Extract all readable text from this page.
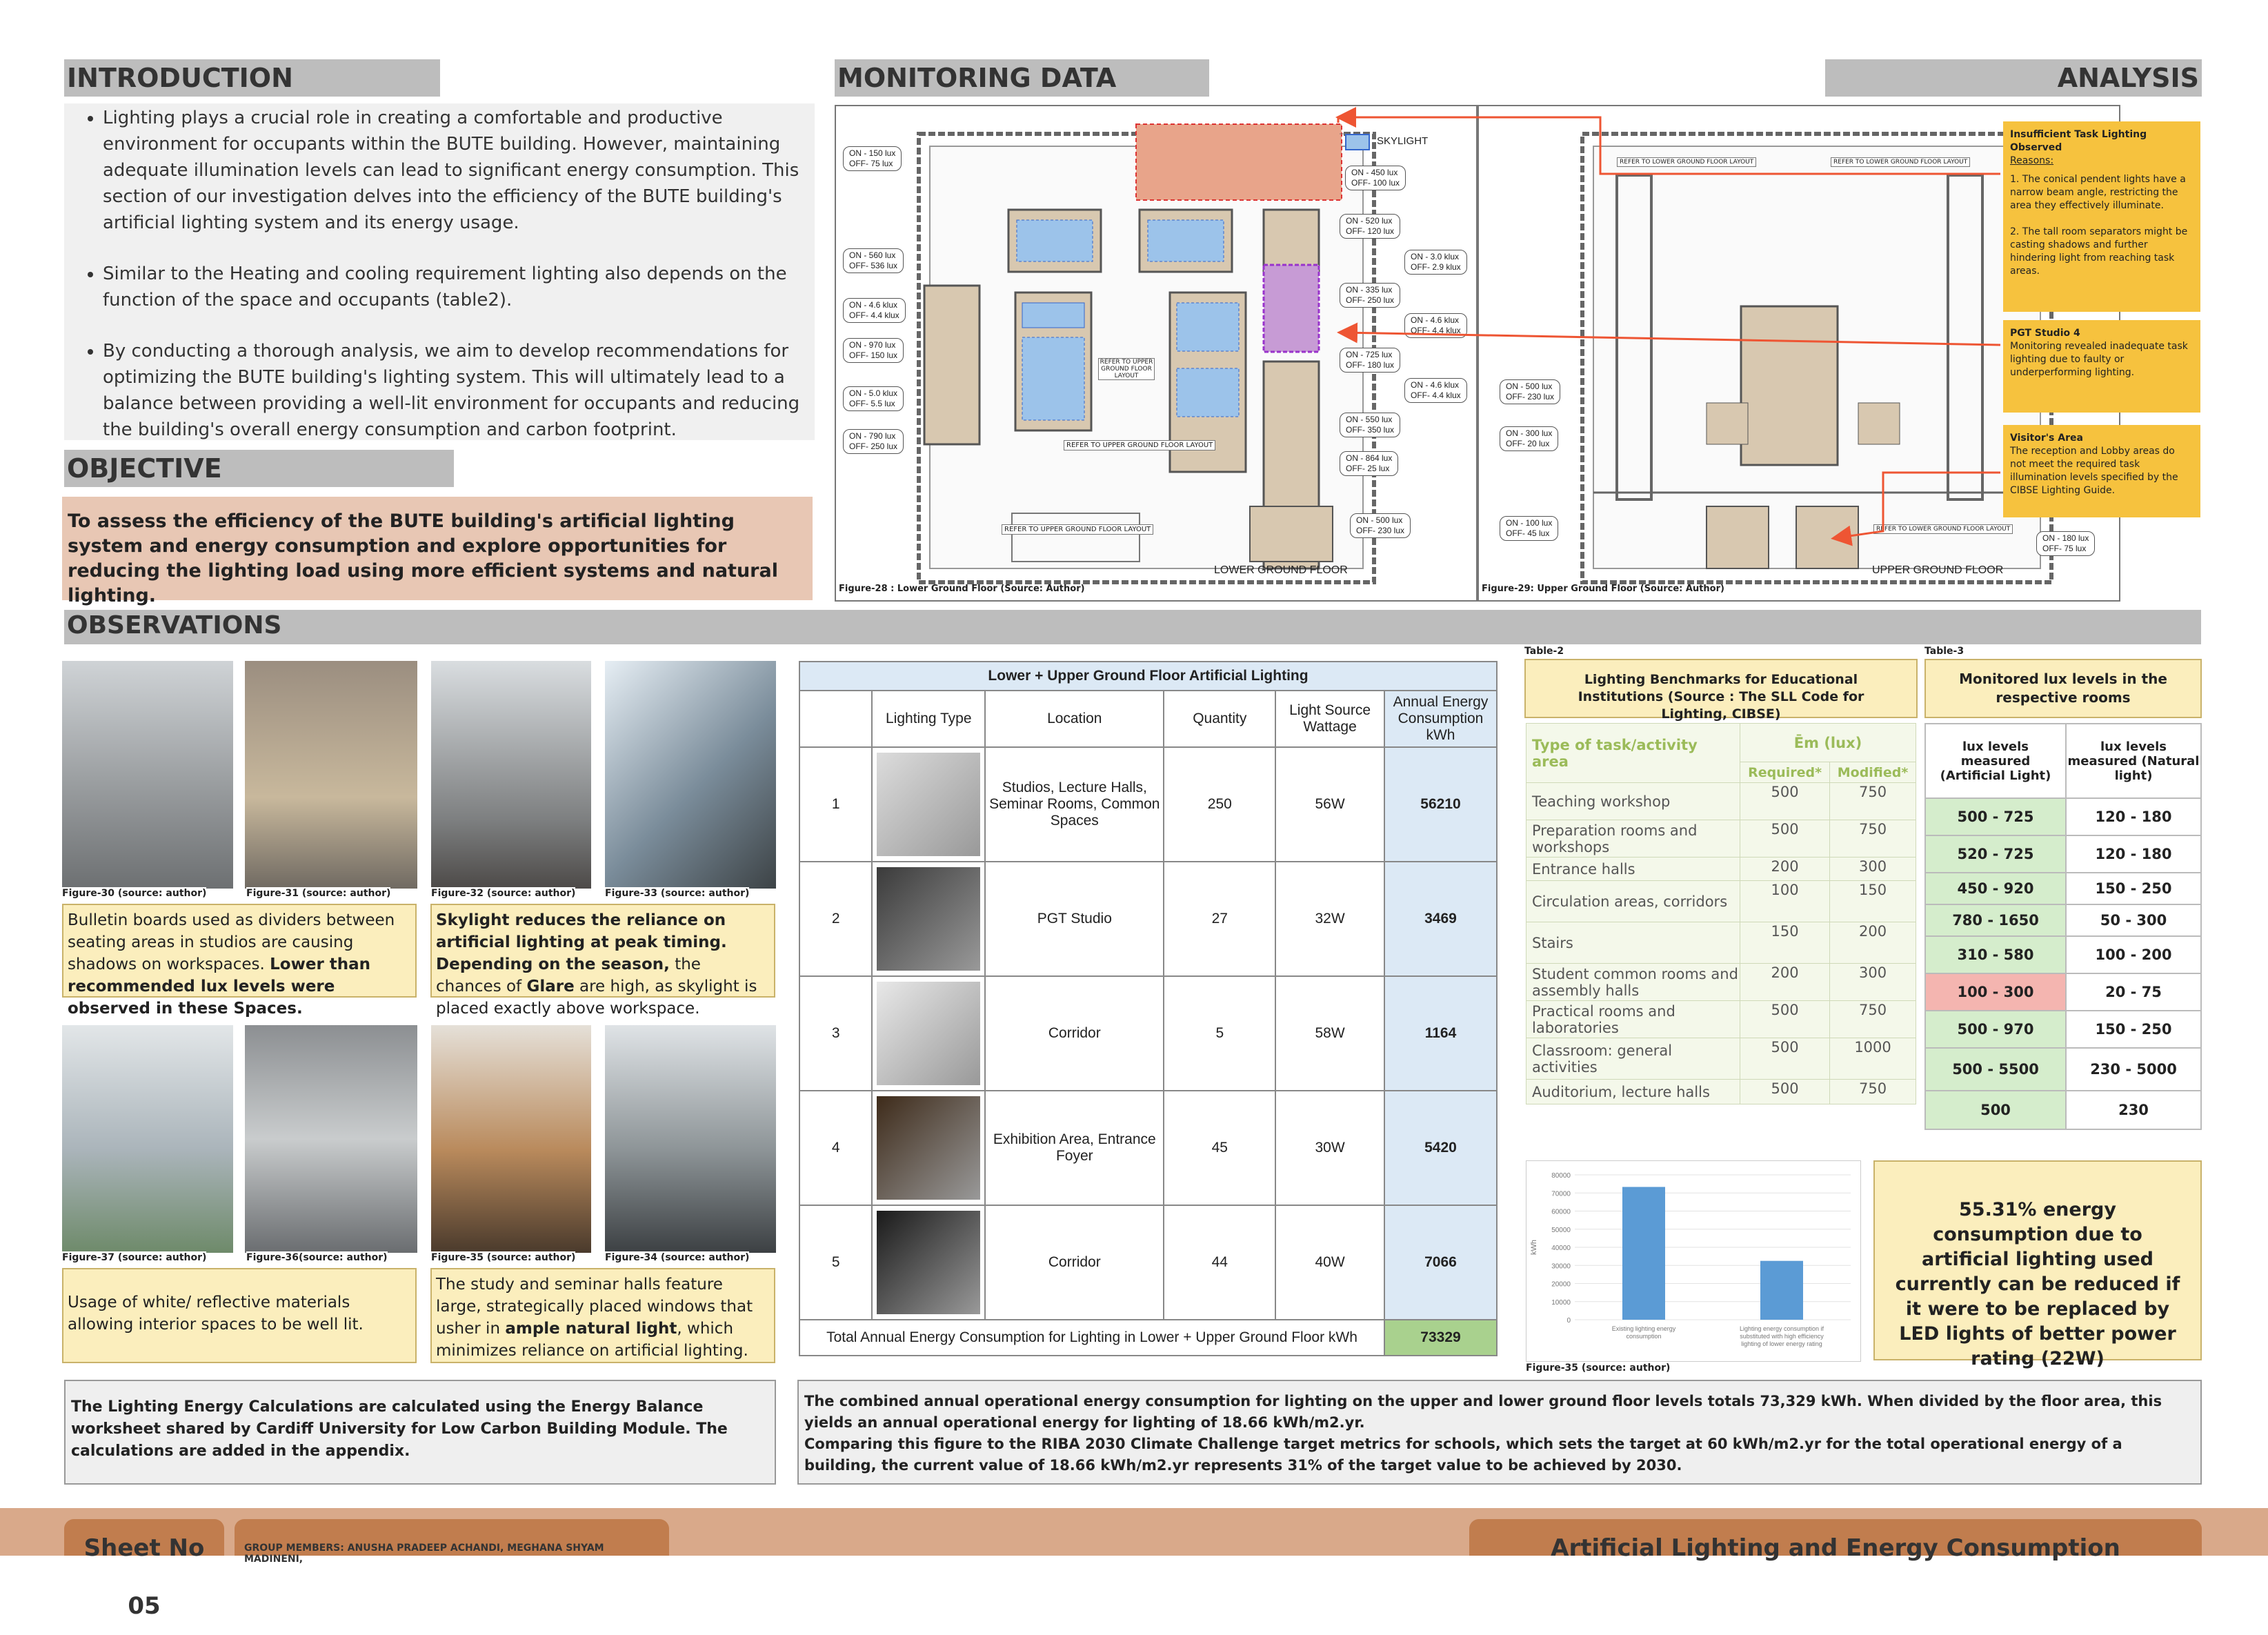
INTRODUCTION
• Lighting plays a crucial role in creating a comfortable and productive environment for occupants within the BUTE building. However, maintaining adequate illumination levels can lead to significant energy consumption. This section of our investigation delves into the efficiency of the BUTE building's artificial lighting system and its energy usage.
• Similar to the Heating and cooling requirement lighting also depends on the function of the space and occupants (table2).
• By conducting a thorough analysis, we aim to develop recommendations for optimizing the BUTE building's lighting system. This will ultimately lead to a balance between providing a well-lit environment for occupants and reducing the building's overall energy consumption and carbon footprint.
OBJECTIVE
To assess the efficiency of the BUTE building's artificial lighting system and energy consumption and explore opportunities for reducing the lighting load using more efficient systems and natural lighting.
MONITORING DATA	ANALYSIS
SKYLIGHT
REFER TO UPPER GROUND FLOOR LAYOUT
REFER TO UPPER GROUND FLOOR LAYOUT
REFER TO UPPER GROUND FLOOR LAYOUT
LOWER GROUND FLOOR
Figure-28 : Lower Ground Floor (Source: Author)
ON - 150 lux
OFF- 75 lux
ON - 560 lux
OFF- 536 lux
ON - 4.6 klux
OFF- 4.4 klux
ON - 970 lux
OFF- 150 lux
ON - 5.0 klux
OFF- 5.5 lux
ON - 790 lux
OFF- 250 lux
ON - 450 lux
OFF- 100 lux
ON - 520 lux
OFF- 120 lux
ON - 3.0 klux
OFF- 2.9 klux
ON - 335 lux
OFF- 250 lux
ON - 4.6 klux
OFF- 4.4 klux
ON - 725 lux
OFF- 180 lux
ON - 4.6 klux
OFF- 4.4 klux
ON - 550 lux
OFF- 350 lux
ON - 864 lux
OFF- 25 lux
ON - 500 lux
OFF- 230 lux
REFER TO LOWER GROUND FLOOR LAYOUT	REFER TO LOWER GROUND FLOOR LAYOUT
REFER TO LOWER GROUND FLOOR LAYOUT
UPPER GROUND FLOOR
Figure-29: Upper Ground Floor (Source: Author)
ON - 500 lux
OFF- 230 lux
ON - 300 lux
OFF- 20 lux
ON - 100 lux
OFF- 45 lux	ON - 180 lux
OFF- 75 lux
Insufficient Task Lighting Observed
Reasons:
1. The conical pendent lights have a narrow beam angle, restricting the area they effectively illuminate.

2. The tall room separators might be casting shadows and further hindering light from reaching task areas.
PGT Studio 4
Monitoring revealed inadequate task lighting due to faulty or underperforming lighting.
Visitor's Area
The reception and Lobby areas do not meet the required task illumination levels specified by the CIBSE Lighting Guide.
OBSERVATIONS
Figure-30 (source: author)	Figure-31 (source: author)	Figure-32 (source: author)	Figure-33 (source: author)
Bulletin boards used as dividers between seating areas in studios are causing shadows on workspaces. Lower than recommended lux levels were observed in these Spaces.
Skylight reduces the reliance on artificial lighting at peak timing. Depending on the season, the chances of Glare are high, as skylight is placed exactly above workspace.
Figure-37 (source: author)	Figure-36(source: author)	Figure-35 (source: author)	Figure-34 (source: author)
Usage of white/ reflective materials allowing interior spaces to be well lit.
The study and seminar halls feature large, strategically placed windows that usher in ample natural light, which minimizes reliance on artificial lighting.
The Lighting Energy Calculations are calculated using the Energy Balance worksheet shared by Cardiff University for Low Carbon Building Module. The calculations are added in the appendix.
Lower + Upper Ground Floor Artificial Lighting					
	Lighting Type	Location	Quantity	Light Source Wattage	Annual Energy Consumption kWh
1		Studios, Lecture Halls, Seminar Rooms, Common Spaces	250	56W	56210
2		PGT Studio	27	32W	3469
3		Corridor	5	58W	1164
4		Exhibition Area, Entrance Foyer	45	30W	5420
5		Corridor	44	40W	7066
Total Annual Energy Consumption for Lighting in Lower + Upper Ground Floor kWh					73329
Table-2
Lighting Benchmarks for Educational Institutions (Source : The SLL Code for Lighting, CIBSE)
Type of task/activity area	Ēm (lux)	
	Required*	Modified*
Teaching workshop	500	750
Preparation rooms and workshops	500	750
Entrance halls	200	300
Circulation areas, corridors	100	150
Stairs	150	200
Student common rooms and assembly halls	200	300
Practical rooms and laboratories	500	750
Classroom: general activities	500	1000
Auditorium, lecture halls	500	750
Table-3
Monitored lux levels in the respective rooms
lux levels measured (Artificial Light)	lux levels measured (Natural light)
500 - 725	120 - 180
520 - 725	120 - 180
450 - 920	150 - 250
780 - 1650	50 - 300
310 - 580	100 - 200
100 - 300	20 - 75
500 - 970	150 - 250
500 - 5500	230 - 5000
500	230
0
10000
20000
30000
40000
50000
60000
70000
80000
kWh
Existing lighting energy consumption
Lighting energy consumption if substituted with high efficiency lighting of lower energy rating
Figure-35 (source: author)
55.31% energy consumption due to artificial lighting used currently can be reduced if it were to be replaced by LED lights of better power rating (22W)
The combined annual operational energy consumption for lighting on the upper and lower ground floor levels totals 73,329 kWh. When divided by the floor area, this yields an annual operational energy for lighting of 18.66 kWh/m2.yr.
Comparing this figure to the RIBA 2030 Climate Challenge target metrics for schools, which sets the target at 60 kWh/m2.yr for the total operational energy of a building, the current value of 18.66 kWh/m2.yr represents 31% of the target value to be achieved by 2030.
Sheet No 05
GROUP MEMBERS: ANUSHA PRADEEP ACHANDI, MEGHANA SHYAM MADINENI,	Artificial Lighting and Energy Consumption
